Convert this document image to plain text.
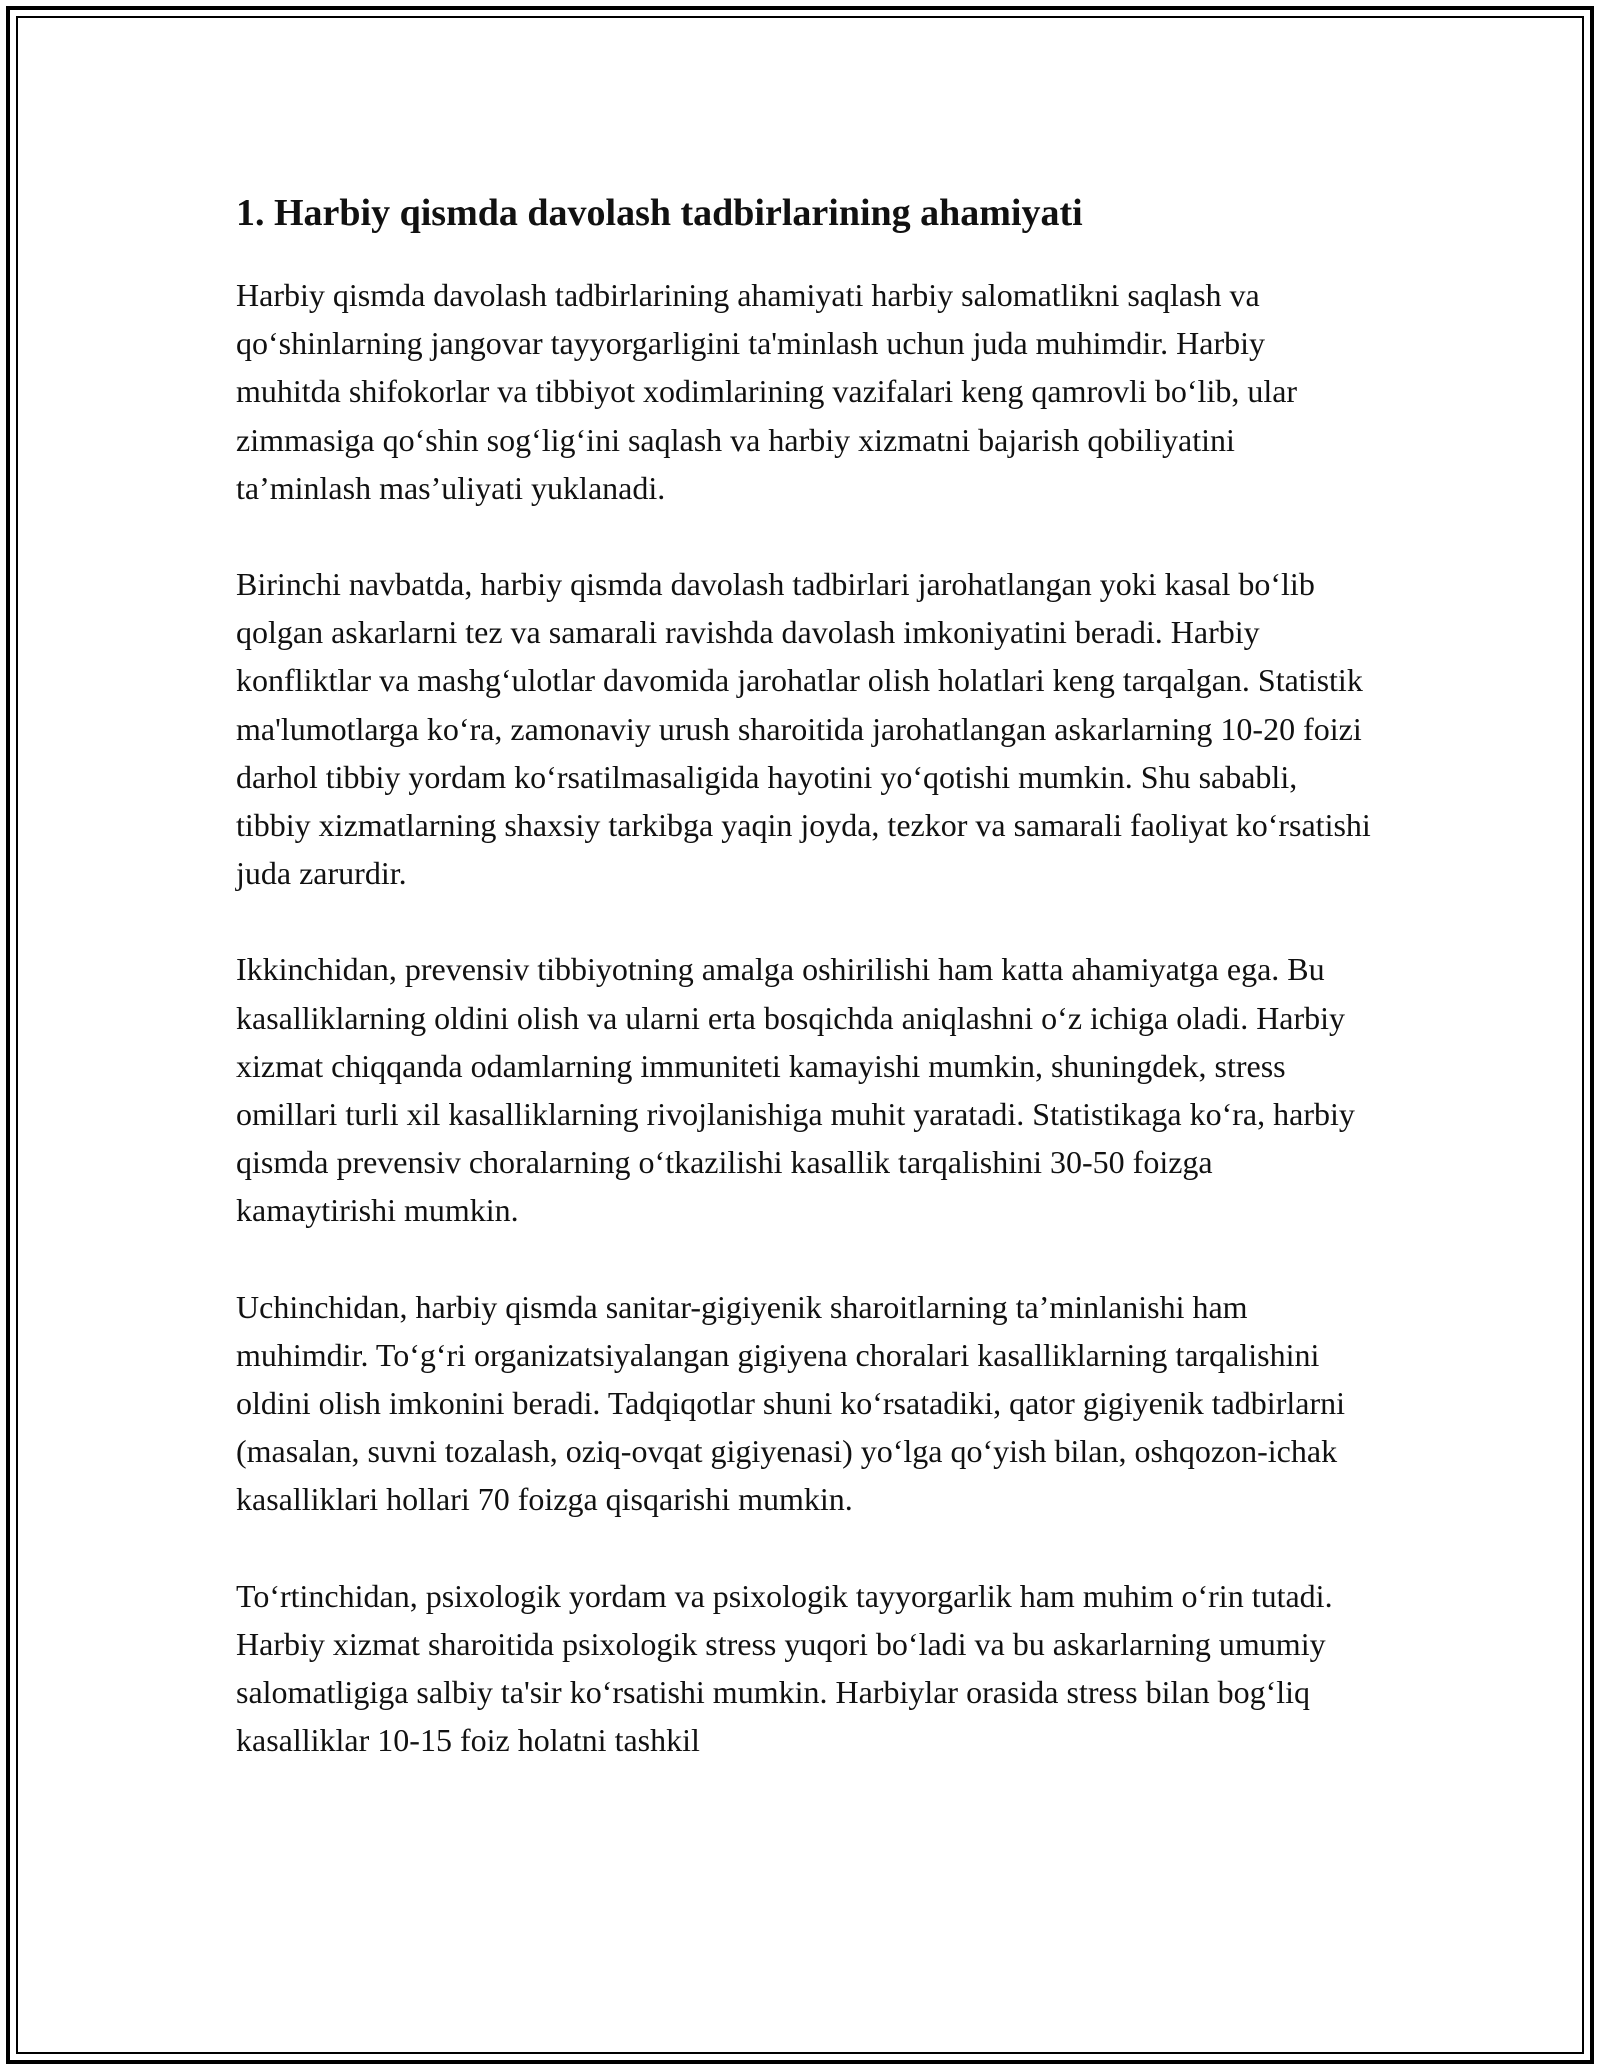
1. Harbiy qismda davolash tadbirlarining ahamiyati

Harbiy qismda davolash tadbirlarining ahamiyati harbiy salomatlikni saqlash va qo‘shinlarning jangovar tayyorgarligini ta'minlash uchun juda muhimdir. Harbiy muhitda shifokorlar va tibbiyot xodimlarining vazifalari keng qamrovli bo‘lib, ular zimmasiga qo‘shin sog‘lig‘ini saqlash va harbiy xizmatni bajarish qobiliyatini ta’minlash mas’uliyati yuklanadi.

Birinchi navbatda, harbiy qismda davolash tadbirlari jarohatlangan yoki kasal bo‘lib qolgan askarlarni tez va samarali ravishda davolash imkoniyatini beradi. Harbiy konfliktlar va mashg‘ulotlar davomida jarohatlar olish holatlari keng tarqalgan. Statistik ma'lumotlarga ko‘ra, zamonaviy urush sharoitida jarohatlangan askarlarning 10-20 foizi darhol tibbiy yordam ko‘rsatilmasaligida hayotini yo‘qotishi mumkin. Shu sababli, tibbiy xizmatlarning shaxsiy tarkibga yaqin joyda, tezkor va samarali faoliyat ko‘rsatishi juda zarurdir.

Ikkinchidan, prevensiv tibbiyotning amalga oshirilishi ham katta ahamiyatga ega. Bu kasalliklarning oldini olish va ularni erta bosqichda aniqlashni o‘z ichiga oladi. Harbiy xizmat chiqqanda odamlarning immuniteti kamayishi mumkin, shuningdek, stress omillari turli xil kasalliklarning rivojlanishiga muhit yaratadi. Statistikaga ko‘ra, harbiy qismda prevensiv choralarning o‘tkazilishi kasallik tarqalishini 30-50 foizga kamaytirishi mumkin.

Uchinchidan, harbiy qismda sanitar-gigiyenik sharoitlarning ta’minlanishi ham muhimdir. To‘g‘ri organizatsiyalangan gigiyena choralari kasalliklarning tarqalishini oldini olish imkonini beradi. Tadqiqotlar shuni ko‘rsatadiki, qator gigiyenik tadbirlarni (masalan, suvni tozalash, oziq-ovqat gigiyenasi) yo‘lga qo‘yish bilan, oshqozon-ichak kasalliklari hollari 70 foizga qisqarishi mumkin.

To‘rtinchidan, psixologik yordam va psixologik tayyorgarlik ham muhim o‘rin tutadi. Harbiy xizmat sharoitida psixologik stress yuqori bo‘ladi va bu askarlarning umumiy salomatligiga salbiy ta'sir ko‘rsatishi mumkin. Harbiylar orasida stress bilan bog‘liq kasalliklar 10-15 foiz holatni tashkil
